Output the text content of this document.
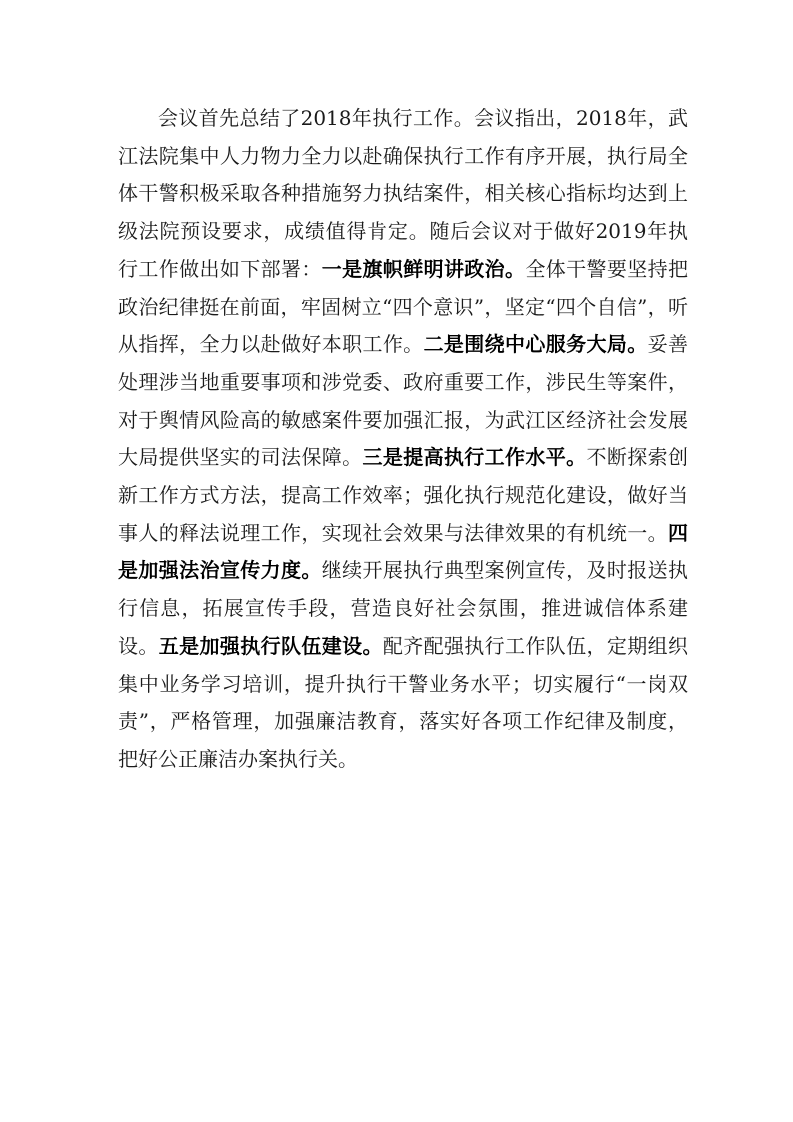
会议首先总结了2018年执行工作。会议指出，2018年，武江法院集中人力物力全力以赴确保执行工作有序开展，执行局全体干警积极采取各种措施努力执结案件，相关核心指标均达到上级法院预设要求，成绩值得肯定。随后会议对于做好2019年执行工作做出如下部署：一是旗帜鲜明讲政治。全体干警要坚持把政治纪律挺在前面，牢固树立“四个意识”，坚定“四个自信”，听从指挥，全力以赴做好本职工作。二是围绕中心服务大局。妥善处理涉当地重要事项和涉党委、政府重要工作，涉民生等案件，对于舆情风险高的敏感案件要加强汇报，为武江区经济社会发展大局提供坚实的司法保障。三是提高执行工作水平。不断探索创新工作方式方法，提高工作效率；强化执行规范化建设，做好当事人的释法说理工作，实现社会效果与法律效果的有机统一。四是加强法治宣传力度。继续开展执行典型案例宣传，及时报送执行信息，拓展宣传手段，营造良好社会氛围，推进诚信体系建设。五是加强执行队伍建设。配齐配强执行工作队伍，定期组织集中业务学习培训，提升执行干警业务水平；切实履行“一岗双责”，严格管理，加强廉洁教育，落实好各项工作纪律及制度，把好公正廉洁办案执行关。
